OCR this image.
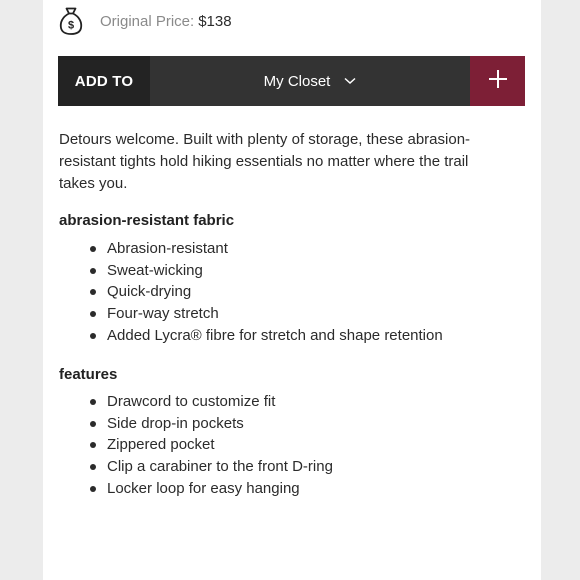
$ Original Price: $138
ADD TO	My Closet

Detours welcome. Built with plenty of storage, these abrasion-resistant tights hold hiking essentials no matter where the trail takes you.

abrasion-resistant fabric
Abrasion-resistant
Sweat-wicking
Quick-drying
Four-way stretch
Added Lycra® fibre for stretch and shape retention
features
Drawcord to customize fit
Side drop-in pockets
Zippered pocket
Clip a carabiner to the front D-ring
Locker loop for easy hanging
